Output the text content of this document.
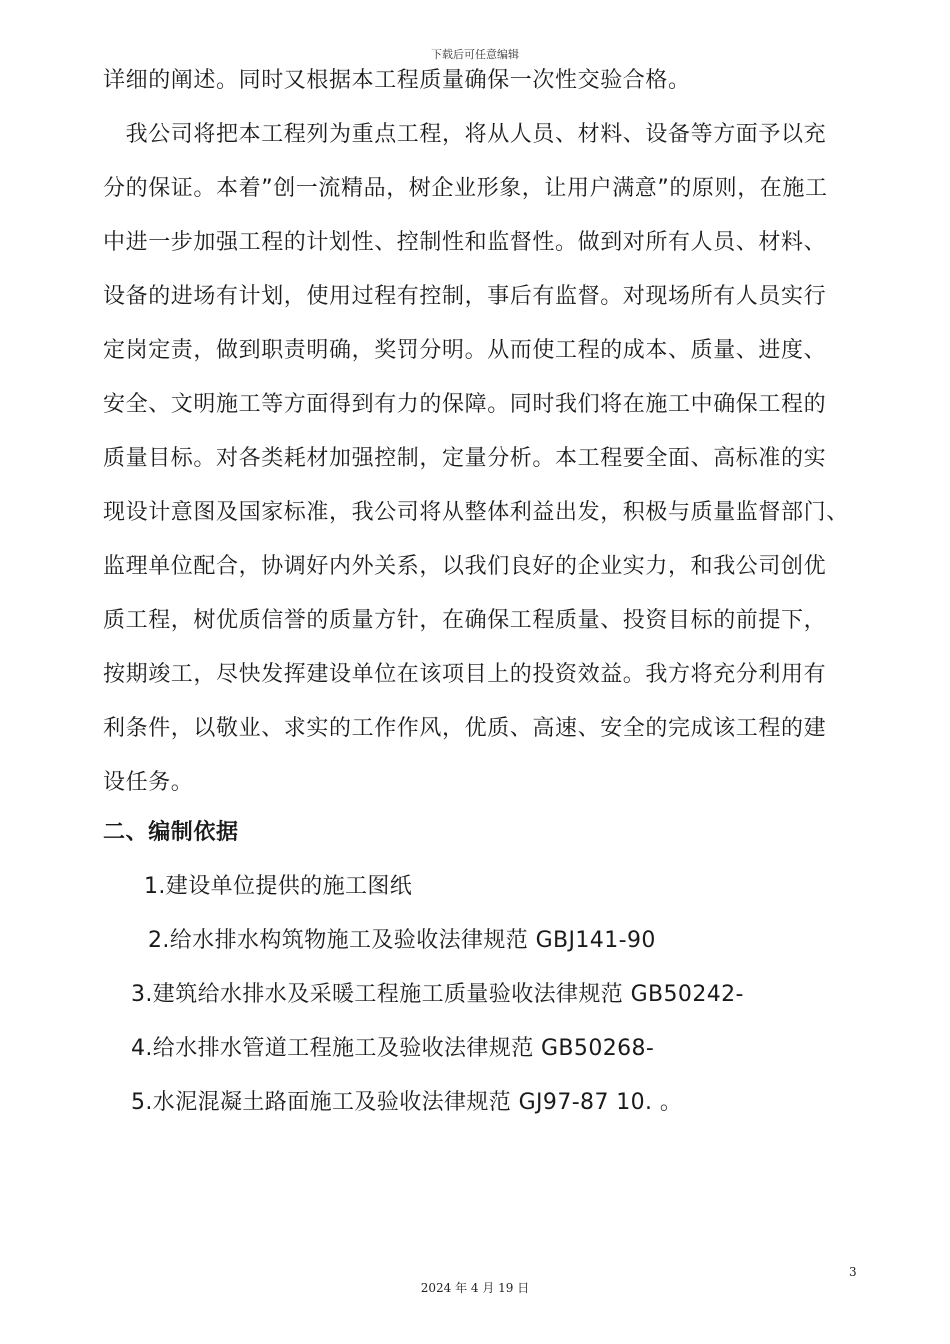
下载后可任意编辑
详细的阐述。同时又根据本工程质量确保一次性交验合格。
　我公司将把本工程列为重点工程，将从人员、材料、设备等方面予以充
分的保证。本着”创一流精品，树企业形象，让用户满意”的原则，在施工
中进一步加强工程的计划性、控制性和监督性。做到对所有人员、材料、
设备的进场有计划，使用过程有控制，事后有监督。对现场所有人员实行
定岗定责，做到职责明确，奖罚分明。从而使工程的成本、质量、进度、
安全、文明施工等方面得到有力的保障。同时我们将在施工中确保工程的
质量目标。对各类耗材加强控制，定量分析。本工程要全面、高标准的实
现设计意图及国家标准，我公司将从整体利益出发，积极与质量监督部门、
监理单位配合，协调好内外关系，以我们良好的企业实力，和我公司创优
质工程，树优质信誉的质量方针，在确保工程质量、投资目标的前提下，
按期竣工，尽快发挥建设单位在该项目上的投资效益。我方将充分利用有
利条件，以敬业、求实的工作作风，优质、高速、安全的完成该工程的建
设任务。
二、编制依据
1.建设单位提供的施工图纸
2.给水排水构筑物施工及验收法律规范 GBJ141-90
3.建筑给水排水及采暖工程施工质量验收法律规范 GB50242-
4.给水排水管道工程施工及验收法律规范 GB50268-
5.水泥混凝土路面施工及验收法律规范 GJ97-87 10. 。
3
2024 年 4 月 19 日
